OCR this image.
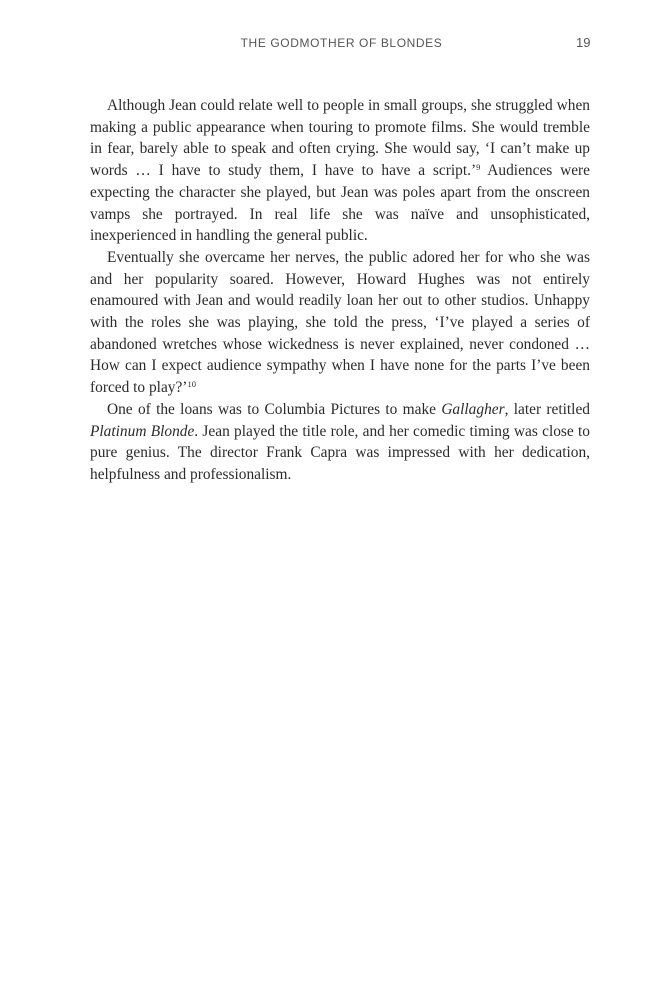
THE GODMOTHER OF BLONDES	19

Although Jean could relate well to people in small groups, she struggled when making a public appearance when touring to promote films. She would tremble in fear, barely able to speak and often crying. She would say, ‘I can’t make up words … I have to study them, I have to have a script.’$^9$ Audiences were expecting the character she played, but Jean was poles apart from the onscreen vamps she portrayed. In real life she was naïve and unsophisticated, inexperienced in handling the general public.

Eventually she overcame her nerves, the public adored her for who she was and her popularity soared. However, Howard Hughes was not entirely enamoured with Jean and would readily loan her out to other studios. Unhappy with the roles she was playing, she told the press, ‘I’ve played a series of abandoned wretches whose wickedness is never explained, never condoned … How can I expect audience sympathy when I have none for the parts I’ve been forced to play?’$^{10}$

One of the loans was to Columbia Pictures to make Gallagher, later retitled Platinum Blonde. Jean played the title role, and her comedic timing was close to pure genius. The director Frank Capra was impressed with her dedication, helpfulness and professionalism.
